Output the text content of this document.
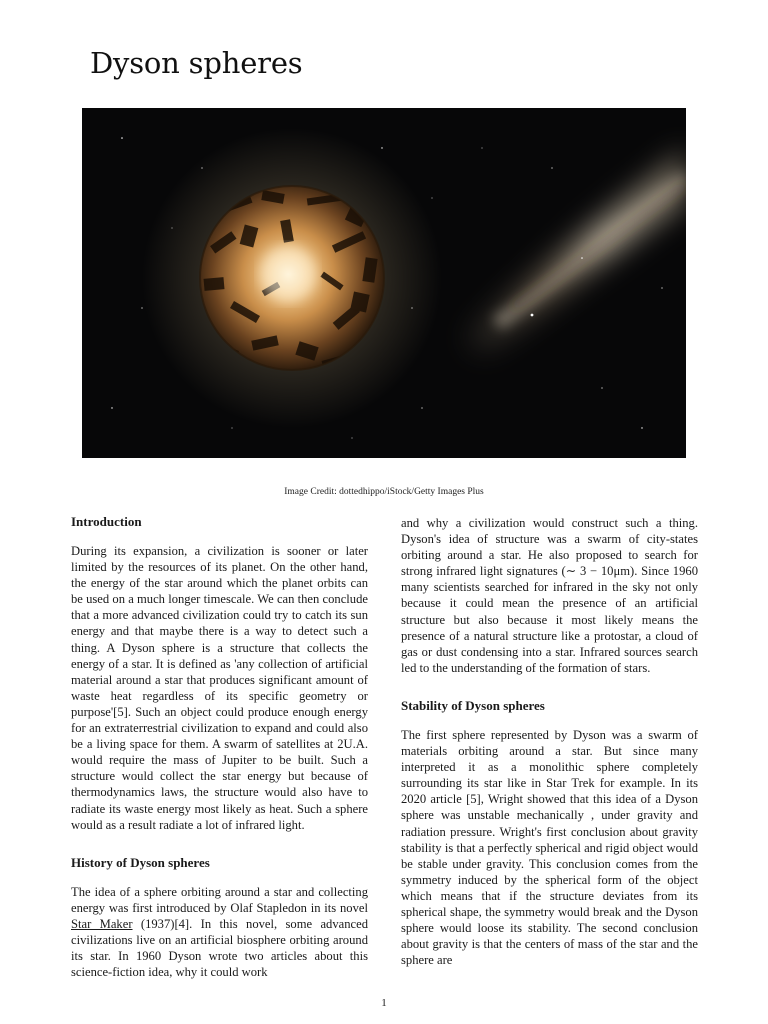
Dyson spheres
Image Credit: dottedhippo/iStock/Getty Images Plus
Introduction

During its expansion, a civilization is sooner or later limited by the resources of its planet. On the other hand, the energy of the star around which the planet orbits can be used on a much longer timescale. We can then conclude that a more advanced civilization could try to catch its sun energy and that maybe there is a way to detect such a thing. A Dyson sphere is a structure that collects the energy of a star. It is defined as 'any collection of artificial material around a star that produces significant amount of waste heat regardless of its specific geometry or purpose'[5]. Such an object could produce enough energy for an extraterrestrial civilization to expand and could also be a living space for them. A swarm of satellites at 2U.A. would require the mass of Jupiter to be built. Such a structure would collect the star energy but because of thermodynamics laws, the structure would also have to radiate its waste energy most likely as heat. Such a sphere would as a result radiate a lot of infrared light.

History of Dyson spheres

The idea of a sphere orbiting around a star and collecting energy was first introduced by Olaf Stapledon in its novel Star Maker (1937)[4]. In this novel, some advanced civilizations live on an artificial biosphere orbiting around its star. In 1960 Dyson wrote two articles about this science-fiction idea, why it could work

and why a civilization would construct such a thing. Dyson's idea of structure was a swarm of city-states orbiting around a star. He also proposed to search for strong infrared light signatures (∼ 3 − 10μm). Since 1960 many scientists searched for infrared in the sky not only because it could mean the presence of an artificial structure but also because it most likely means the presence of a natural structure like a protostar, a cloud of gas or dust condensing into a star. Infrared sources search led to the understanding of the formation of stars.

Stability of Dyson spheres

The first sphere represented by Dyson was a swarm of materials orbiting around a star. But since many interpreted it as a monolithic sphere completely surrounding its star like in Star Trek for example. In its 2020 article [5], Wright showed that this idea of a Dyson sphere was unstable mechanically , under gravity and radiation pressure. Wright's first conclusion about gravity stability is that a perfectly spherical and rigid object would be stable under gravity. This conclusion comes from the symmetry induced by the spherical form of the object which means that if the structure deviates from its spherical shape, the symmetry would break and the Dyson sphere would loose its stability. The second conclusion about gravity is that the centers of mass of the star and the sphere are

1
